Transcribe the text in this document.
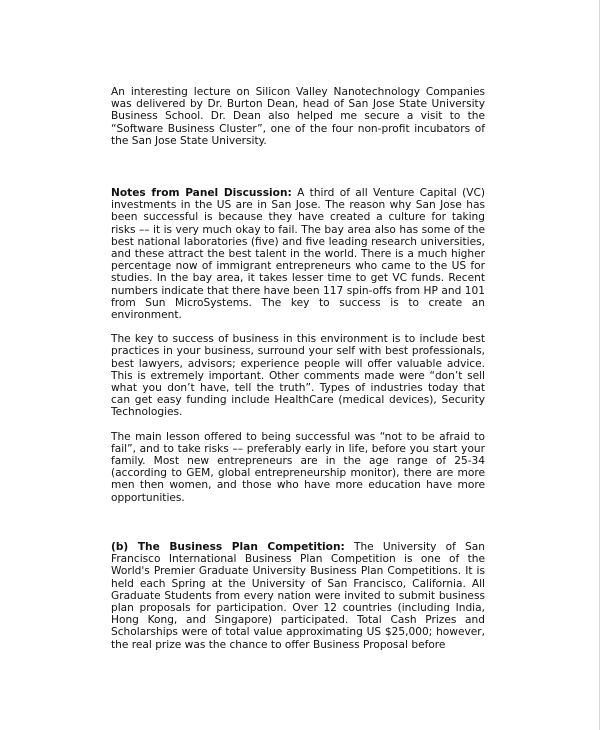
An interesting lecture on Silicon Valley Nanotechnology Companies was delivered by Dr. Burton Dean, head of San Jose State University Business School. Dr. Dean also helped me secure a visit to the “Software Business Cluster”, one of the four non-profit incubators of the San Jose State University.

Notes from Panel Discussion: A third of all Venture Capital (VC) investments in the US are in San Jose. The reason why San Jose has been successful is because they have created a culture for taking risks –– it is very much okay to fail. The bay area also has some of the best national laboratories (five) and five leading research universities, and these attract the best talent in the world. There is a much higher percentage now of immigrant entrepreneurs who came to the US for studies. In the bay area, it takes lesser time to get VC funds. Recent numbers indicate that there have been 117 spin-offs from HP and 101 from Sun MicroSystems. The key to success is to create an environment.

The key to success of business in this environment is to include best practices in your business, surround your self with best professionals, best lawyers, advisors; experience people will offer valuable advice. This is extremely important. Other comments made were “don’t sell what you don’t have, tell the truth”. Types of industries today that can get easy funding include HealthCare (medical devices), Security Technologies.

The main lesson offered to being successful was “not to be afraid to fail”, and to take risks –– preferably early in life, before you start your family. Most new entrepreneurs are in the age range of 25-34 (according to GEM, global entrepreneurship monitor), there are more men then women, and those who have more education have more opportunities.

(b) The Business Plan Competition: The University of San Francisco International Business Plan Competition is one of the World's Premier Graduate University Business Plan Competitions. It is held each Spring at the University of San Francisco, California. All Graduate Students from every nation were invited to submit business plan proposals for participation. Over 12 countries (including India, Hong Kong, and Singapore) participated. Total Cash Prizes and Scholarships were of total value approximating US $25,000; however, the real prize was the chance to offer Business Proposal before
